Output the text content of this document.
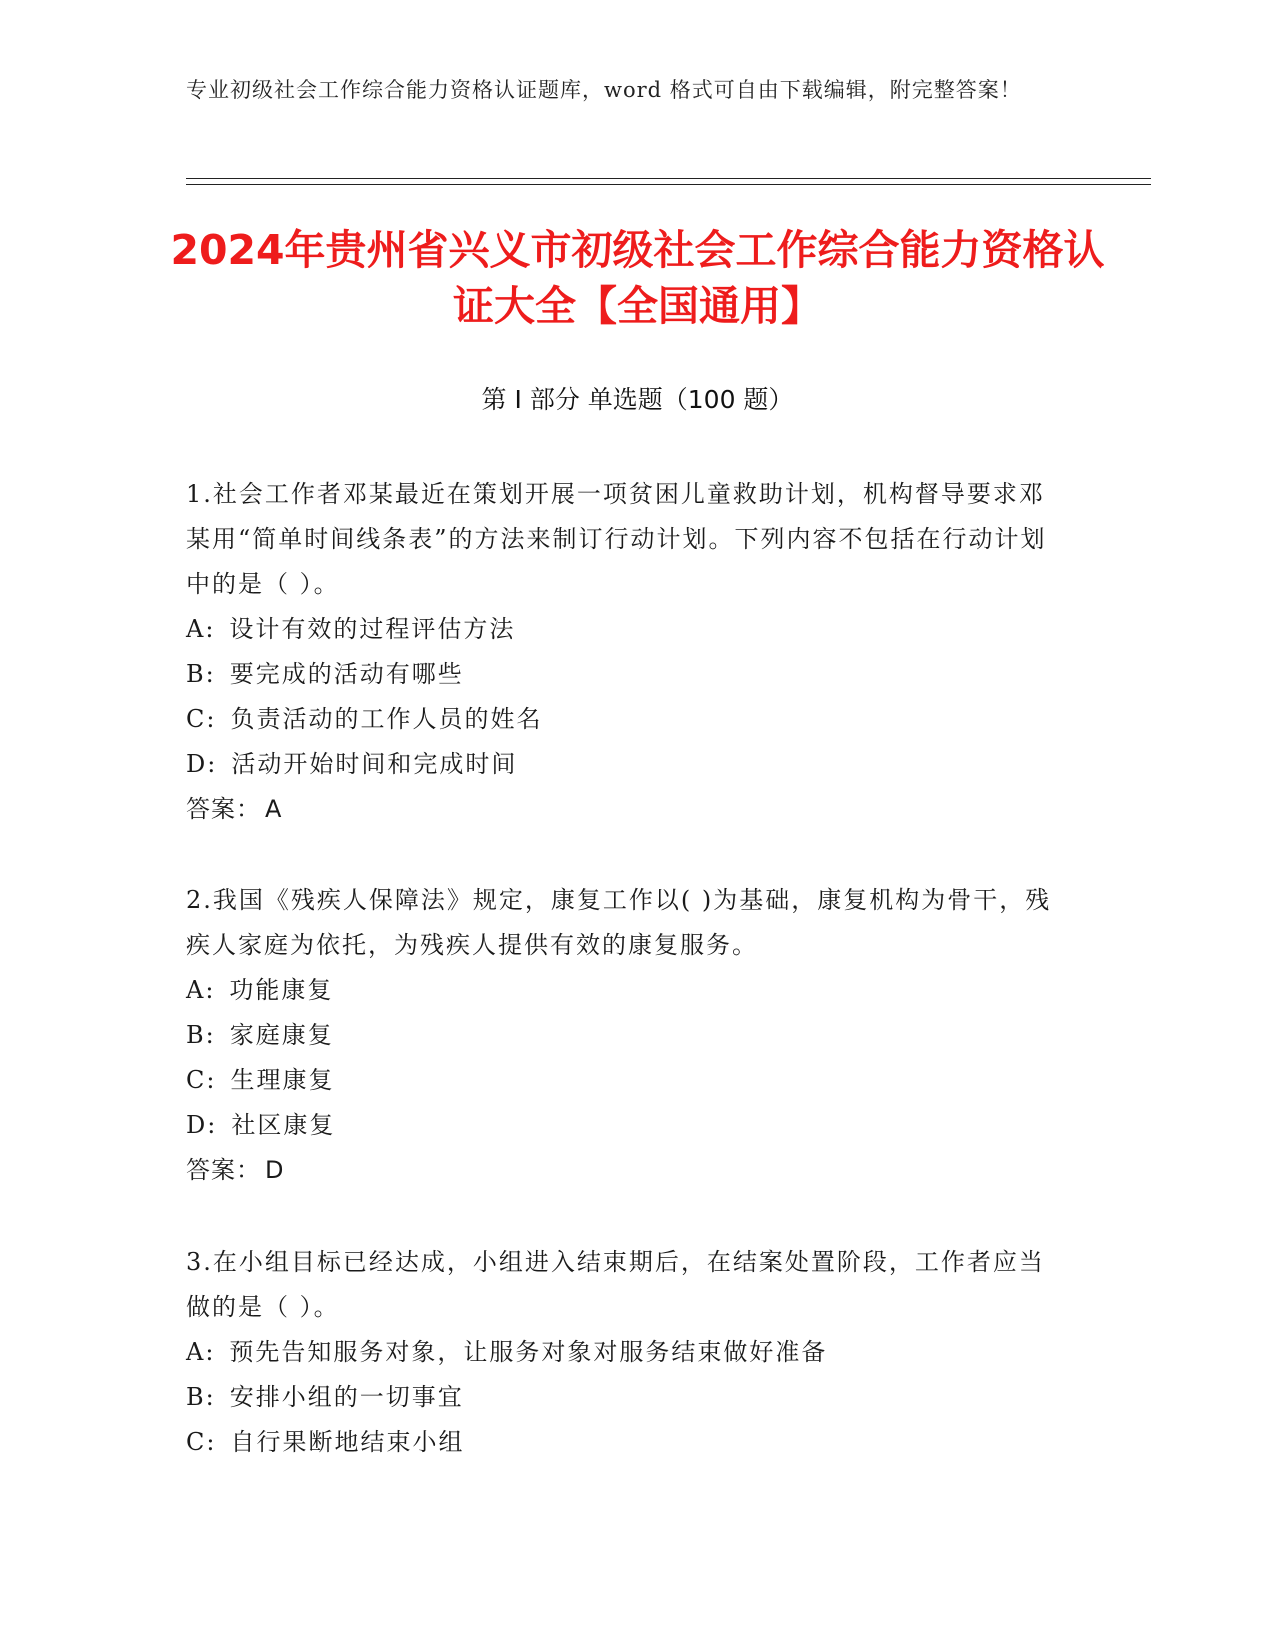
专业初级社会工作综合能力资格认证题库，word 格式可自由下载编辑，附完整答案！
2024年贵州省兴义市初级社会工作综合能力资格认证大全【全国通用】
第 I 部分 单选题（100 题）

1.社会工作者邓某最近在策划开展一项贫困儿童救助计划，机构督导要求邓某用“简单时间线条表”的方法来制订行动计划。下列内容不包括在行动计划中的是（ ）。

A: 设计有效的过程评估方法
B: 要完成的活动有哪些
C: 负责活动的工作人员的姓名
D: 活动开始时间和完成时间
答案： A

2.我国《残疾人保障法》规定，康复工作以( )为基础，康复机构为骨干，残疾人家庭为依托，为残疾人提供有效的康复服务。

A: 功能康复
B: 家庭康复
C: 生理康复
D: 社区康复
答案： D

3.在小组目标已经达成，小组进入结束期后，在结案处置阶段，工作者应当做的是（ ）。

A: 预先告知服务对象，让服务对象对服务结束做好准备
B: 安排小组的一切事宜
C: 自行果断地结束小组
